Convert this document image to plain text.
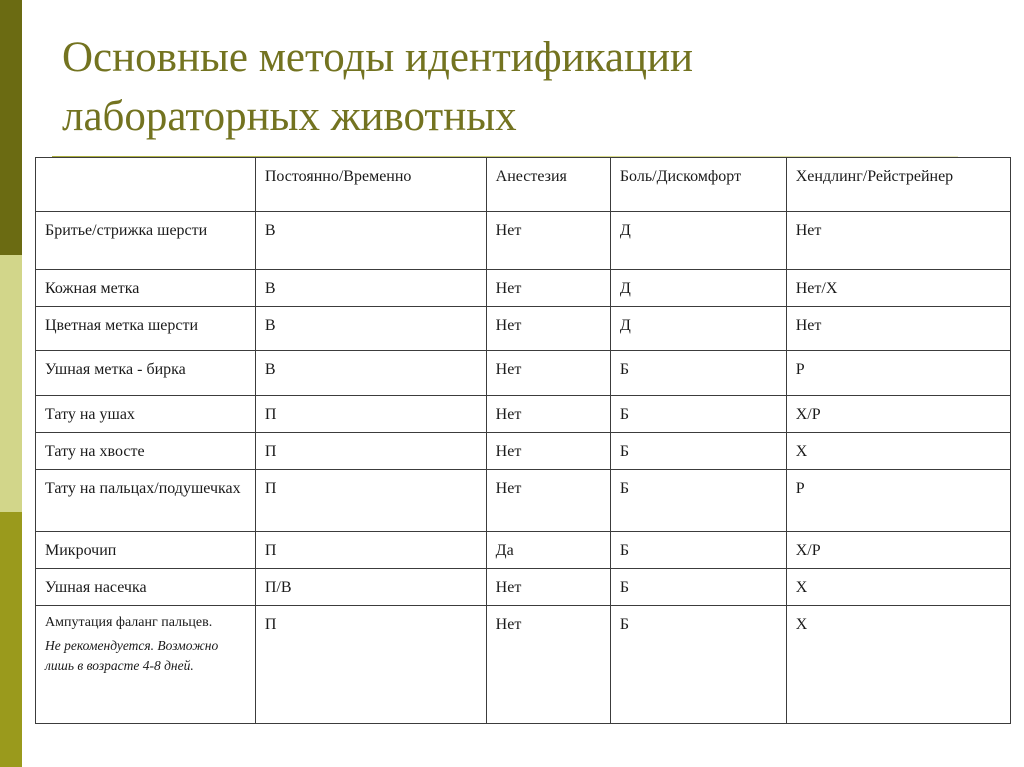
Основные методы идентификации
лабораторных животных
	Постоянно/Временно	Анестезия	Боль/Дискомфорт	Хендлинг/Рейстрейнер
Бритье/стрижка шерсти	В	Нет	Д	Нет
Кожная метка	В	Нет	Д	Нет/Х
Цветная метка шерсти	В	Нет	Д	Нет
Ушная метка - бирка	В	Нет	Б	Р
Тату на ушах	П	Нет	Б	Х/Р
Тату на хвосте	П	Нет	Б	Х
Тату на пальцах/подушечках	П	Нет	Б	Р
Микрочип	П	Да	Б	Х/Р
Ушная насечка	П/В	Нет	Б	Х

Ампутация фаланг пальцев.
Не рекомендуется. Возможно лишь в возрасте 4-8 дней.	П	Нет	Б	Х
